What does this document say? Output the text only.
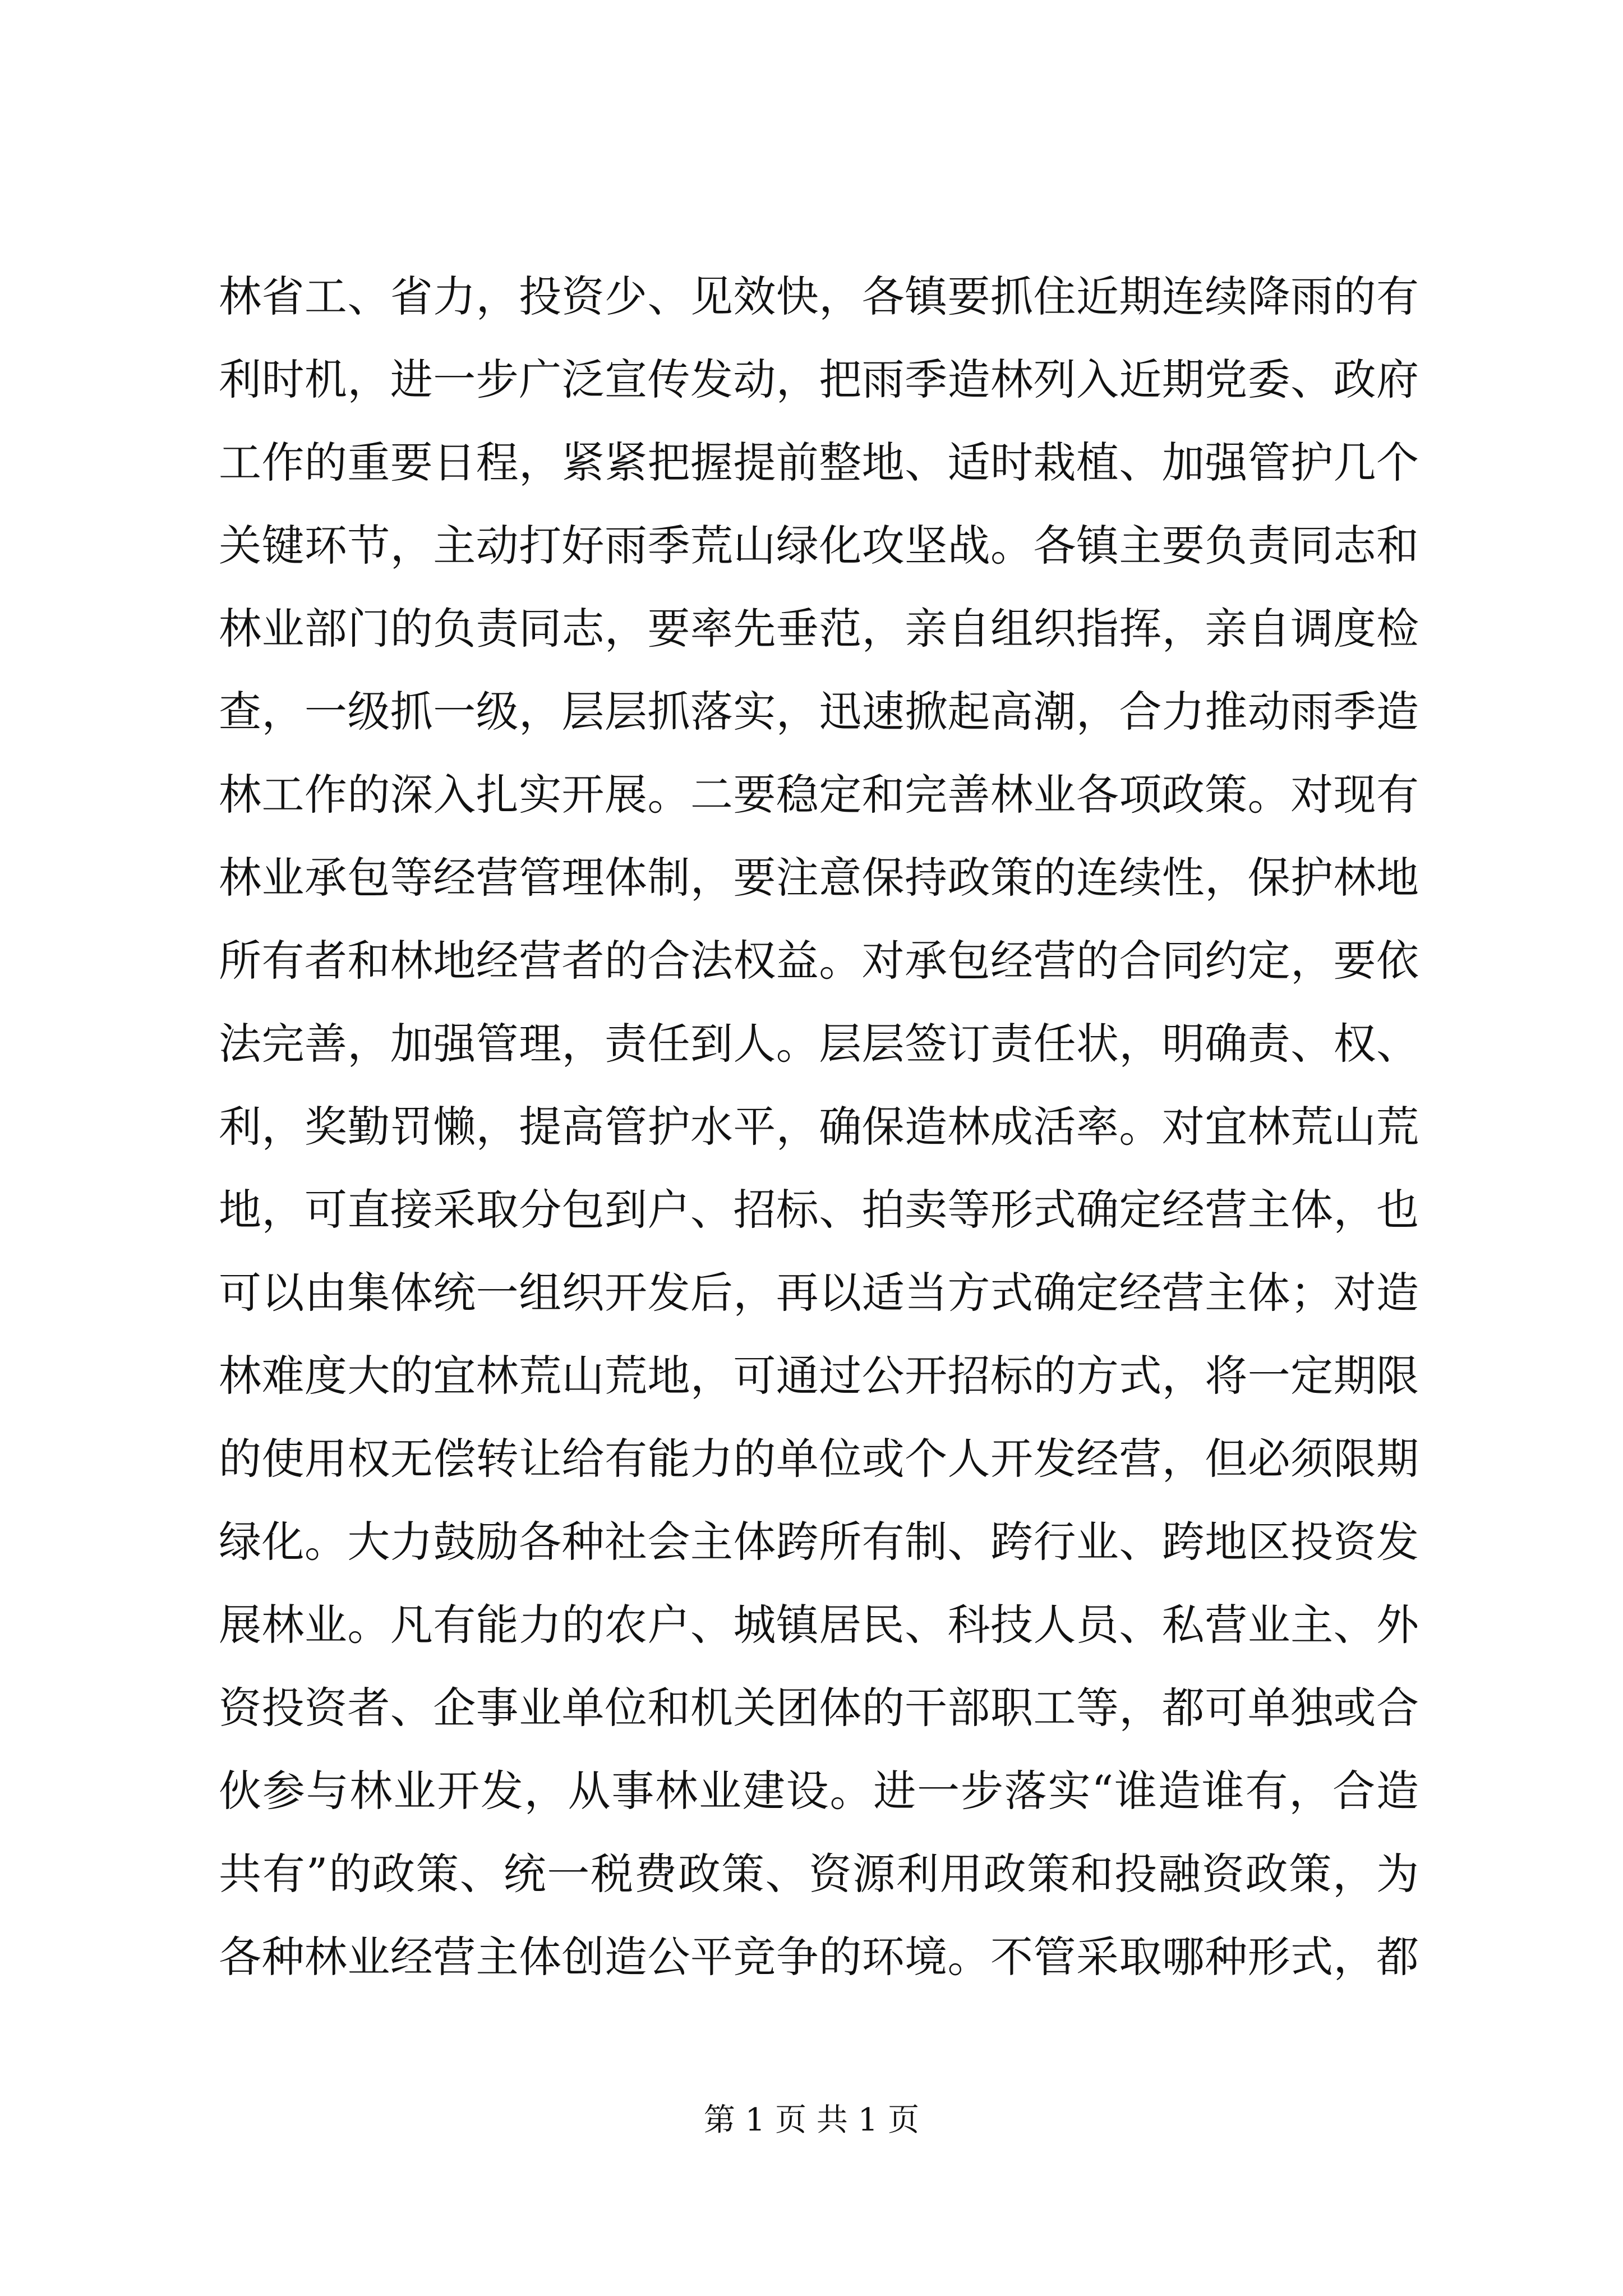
林省工、省力，投资少、见效快，各镇要抓住近期连续降雨的有
利时机，进一步广泛宣传发动，把雨季造林列入近期党委、政府
工作的重要日程，紧紧把握提前整地、适时栽植、加强管护几个
关键环节，主动打好雨季荒山绿化攻坚战。各镇主要负责同志和
林业部门的负责同志，要率先垂范，亲自组织指挥，亲自调度检
查，一级抓一级，层层抓落实，迅速掀起高潮，合力推动雨季造
林工作的深入扎实开展。二要稳定和完善林业各项政策。对现有
林业承包等经营管理体制，要注意保持政策的连续性，保护林地
所有者和林地经营者的合法权益。对承包经营的合同约定，要依
法完善，加强管理，责任到人。层层签订责任状，明确责、权、
利，奖勤罚懒，提高管护水平，确保造林成活率。对宜林荒山荒
地，可直接采取分包到户、招标、拍卖等形式确定经营主体，也
可以由集体统一组织开发后，再以适当方式确定经营主体；对造
林难度大的宜林荒山荒地，可通过公开招标的方式，将一定期限
的使用权无偿转让给有能力的单位或个人开发经营，但必须限期
绿化。大力鼓励各种社会主体跨所有制、跨行业、跨地区投资发
展林业。凡有能力的农户、城镇居民、科技人员、私营业主、外
资投资者、企事业单位和机关团体的干部职工等，都可单独或合
伙参与林业开发，从事林业建设。进一步落实“谁造谁有，合造
共有”的政策、统一税费政策、资源利用政策和投融资政策，为
各种林业经营主体创造公平竞争的环境。不管采取哪种形式，都
第 1 页 共 1 页
